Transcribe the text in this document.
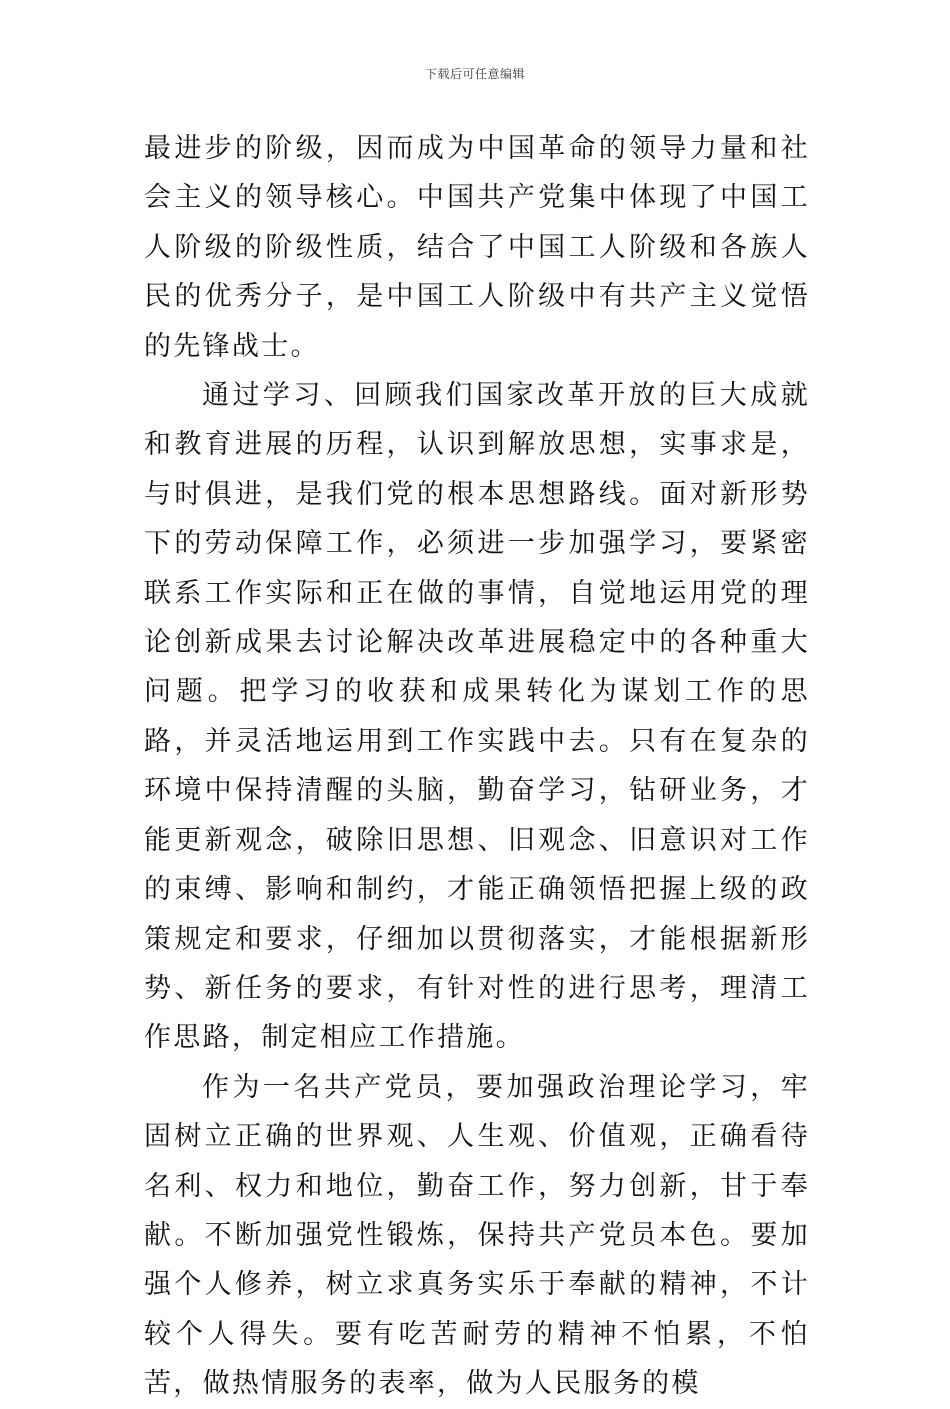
下载后可任意编辑

最进步的阶级，因而成为中国革命的领导力量和社会主义的领导核心。中国共产党集中体现了中国工人阶级的阶级性质，结合了中国工人阶级和各族人民的优秀分子，是中国工人阶级中有共产主义觉悟的先锋战士。

通过学习、回顾我们国家改革开放的巨大成就和教育进展的历程，认识到解放思想，实事求是，与时俱进，是我们党的根本思想路线。面对新形势下的劳动保障工作，必须进一步加强学习，要紧密联系工作实际和正在做的事情，自觉地运用党的理论创新成果去讨论解决改革进展稳定中的各种重大问题。把学习的收获和成果转化为谋划工作的思路，并灵活地运用到工作实践中去。只有在复杂的环境中保持清醒的头脑，勤奋学习，钻研业务，才能更新观念，破除旧思想、旧观念、旧意识对工作的束缚、影响和制约，才能正确领悟把握上级的政策规定和要求，仔细加以贯彻落实，才能根据新形势、新任务的要求，有针对性的进行思考，理清工作思路，制定相应工作措施。

作为一名共产党员，要加强政治理论学习，牢固树立正确的世界观、人生观、价值观，正确看待名利、权力和地位，勤奋工作，努力创新，甘于奉献。不断加强党性锻炼，保持共产党员本色。要加强个人修养，树立求真务实乐于奉献的精神，不计较个人得失。要有吃苦耐劳的精神不怕累，不怕苦，做热情服务的表率，做为人民服务的模
